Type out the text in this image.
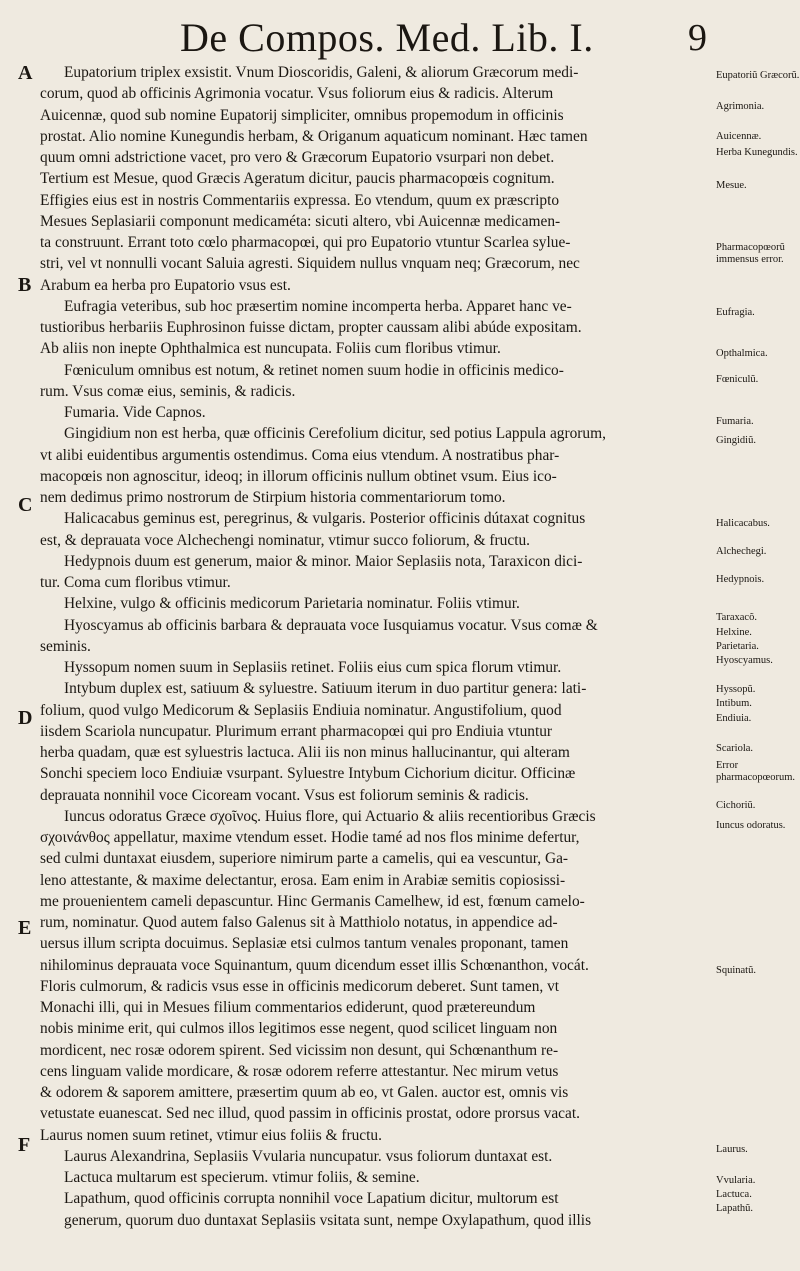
De Compos. Med. Lib. I. 9
A
B
C
D
E
F
Eupatorium triplex exsistit. Vnum Dioscoridis, Galeni, & aliorum Græcorum medi-
corum, quod ab officinis Agrimonia vocatur. Vsus foliorum eius & radicis. Alterum
Auicennæ, quod sub nomine Eupatorij simpliciter, omnibus propemodum in officinis
prostat. Alio nomine Kunegundis herbam, & Origanum aquaticum nominant. Hæc tamen
quum omni adstrictione vacet, pro vero & Græcorum Eupatorio vsurpari non debet.
Tertium est Mesue, quod Græcis Ageratum dicitur, paucis pharmacopœis cognitum.
Effigies eius est in nostris Commentariis expressa. Eo vtendum, quum ex præscripto
Mesues Seplasiarii componunt medicaméta: sicuti altero, vbi Auicennæ medicamen-
ta construunt. Errant toto cœlo pharmacopœi, qui pro Eupatorio vtuntur Scarlea sylue-
stri, vel vt nonnulli vocant Saluia agresti. Siquidem nullus vnquam neq; Græcorum, nec
Arabum ea herba pro Eupatorio vsus est.
Eufragia veteribus, sub hoc præsertim nomine incomperta herba. Apparet hanc ve-
tustioribus herbariis Euphrosinon fuisse dictam, propter caussam alibi abúde expositam.
Ab aliis non inepte Ophthalmica est nuncupata. Foliis cum floribus vtimur.
Fœniculum omnibus est notum, & retinet nomen suum hodie in officinis medico-
rum. Vsus comæ eius, seminis, & radicis.
Fumaria. Vide Capnos.
Gingidium non est herba, quæ officinis Cerefolium dicitur, sed potius Lappula agrorum,
vt alibi euidentibus argumentis ostendimus. Coma eius vtendum. A nostratibus phar-
macopœis non agnoscitur, ideoq; in illorum officinis nullum obtinet vsum. Eius ico-
nem dedimus primo nostrorum de Stirpium historia commentariorum tomo.
Halicacabus geminus est, peregrinus, & vulgaris. Posterior officinis dútaxat cognitus
est, & deprauata voce Alchechengi nominatur, vtimur succo foliorum, & fructu.
Hedypnois duum est generum, maior & minor. Maior Seplasiis nota, Taraxicon dici-
tur. Coma cum floribus vtimur.
Helxine, vulgo & officinis medicorum Parietaria nominatur. Foliis vtimur.
Hyoscyamus ab officinis barbara & deprauata voce Iusquiamus vocatur. Vsus comæ &
seminis.
Hyssopum nomen suum in Seplasiis retinet. Foliis eius cum spica florum vtimur.
Intybum duplex est, satiuum & syluestre. Satiuum iterum in duo partitur genera: lati-
folium, quod vulgo Medicorum & Seplasiis Endiuia nominatur. Angustifolium, quod
iisdem Scariola nuncupatur. Plurimum errant pharmacopœi qui pro Endiuia vtuntur
herba quadam, quæ est syluestris lactuca. Alii iis non minus hallucinantur, qui alteram
Sonchi speciem loco Endiuiæ vsurpant. Syluestre Intybum Cichorium dicitur. Officinæ
deprauata nonnihil voce Cicoream vocant. Vsus est foliorum seminis & radicis.
Iuncus odoratus Græce σχοῖνος. Huius flore, qui Actuario & aliis recentioribus Græcis
σχοινάνθος appellatur, maxime vtendum esset. Hodie tamé ad nos flos minime defertur,
sed culmi duntaxat eiusdem, superiore nimirum parte a camelis, qui ea vescuntur, Ga-
leno attestante, & maxime delectantur, erosa. Eam enim in Arabiæ semitis copiosissi-
me prouenientem cameli depascuntur. Hinc Germanis Camelhew, id est, fœnum camelo-
rum, nominatur. Quod autem falso Galenus sit à Matthiolo notatus, in appendice ad-
uersus illum scripta docuimus. Seplasiæ etsi culmos tantum venales proponant, tamen
nihilominus deprauata voce Squinantum, quum dicendum esset illis Schœnanthon, vocát.
Floris culmorum, & radicis vsus esse in officinis medicorum deberet. Sunt tamen, vt
Monachi illi, qui in Mesues filium commentarios ediderunt, quod prætereundum
nobis minime erit, qui culmos illos legitimos esse negent, quod scilicet linguam non
mordicent, nec rosæ odorem spirent. Sed vicissim non desunt, qui Schœnanthum re-
cens linguam valide mordicare, & rosæ odorem referre attestantur. Nec mirum vetus
& odorem & saporem amittere, præsertim quum ab eo, vt Galen. auctor est, omnis vis
vetustate euanescat. Sed nec illud, quod passim in officinis prostat, odore prorsus vacat.
Laurus nomen suum retinet, vtimur eius foliis & fructu.
Laurus Alexandrina, Seplasiis Vvularia nuncupatur. vsus foliorum duntaxat est.
Lactuca multarum est specierum. vtimur foliis, & semine.
Lapathum, quod officinis corrupta nonnihil voce Lapatium dicitur, multorum est
generum, quorum duo duntaxat Seplasiis vsitata sunt, nempe Oxylapathum, quod illis
Eupatoriũ Græcorũ.
Agrimonia.
Auicennæ.
Herba Kunegundis.
Mesue.
Pharmacopœorũ immensus error.
Eufragia.
Opthalmica.
Fœniculũ.
Fumaria.
Gingidiũ.
Halicacabus.
Alchechegi.
Hedypnois.
Taraxacõ.
Helxine.
Parietaria.
Hyoscyamus.
Hyssopũ.
Intibum.
Endiuia.
Scariola.
Error pharmacopœorum.
Cichoriũ.
Iuncus odoratus.
Squinatũ.
Laurus.
Vvularia.
Lactuca.
Lapathũ.
